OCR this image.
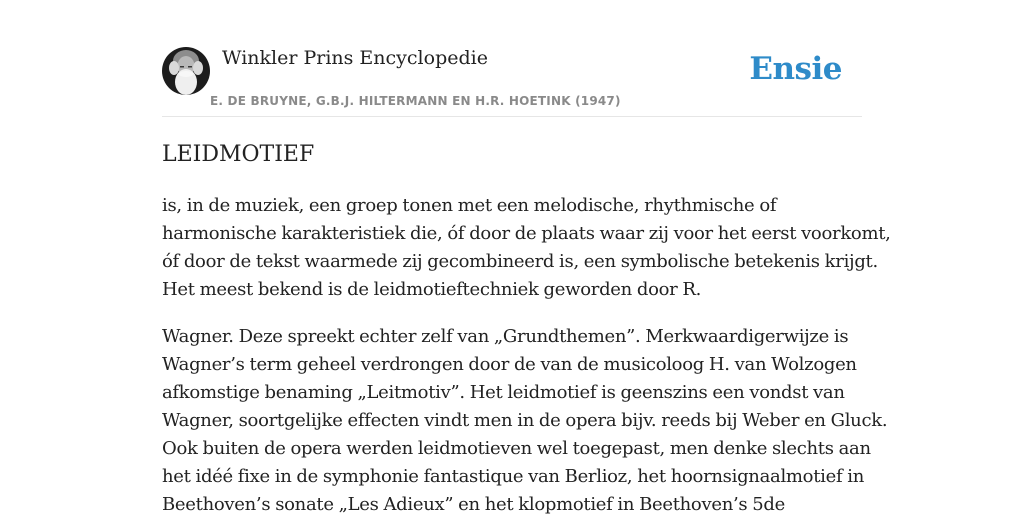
Winkler Prins Encyclopedie
E. DE BRUYNE, G.B.J. HILTERMANN EN H.R. HOETINK (1947)
Ensie
LEIDMOTIEF

is, in de muziek, een groep tonen met een melodische, rhythmische of
harmonische karakteristiek die, óf door de plaats waar zij voor het eerst voorkomt,
óf door de tekst waarmede zij gecombineerd is, een symbolische betekenis krijgt.
Het meest bekend is de leidmotieftechniek geworden door R.

Wagner. Deze spreekt echter zelf van „Grundthemen”. Merkwaardigerwijze is
Wagner’s term geheel verdrongen door de van de musicoloog H. van Wolzogen
afkomstige benaming „Leitmotiv”. Het leidmotief is geenszins een vondst van
Wagner, soortgelijke effecten vindt men in de opera bijv. reeds bij Weber en Gluck.
Ook buiten de opera werden leidmotieven wel toegepast, men denke slechts aan
het idéé fixe in de symphonie fantastique van Berlioz, het hoornsignaalmotief in
Beethoven’s sonate „Les Adieux” en het klopmotief in Beethoven’s 5de
